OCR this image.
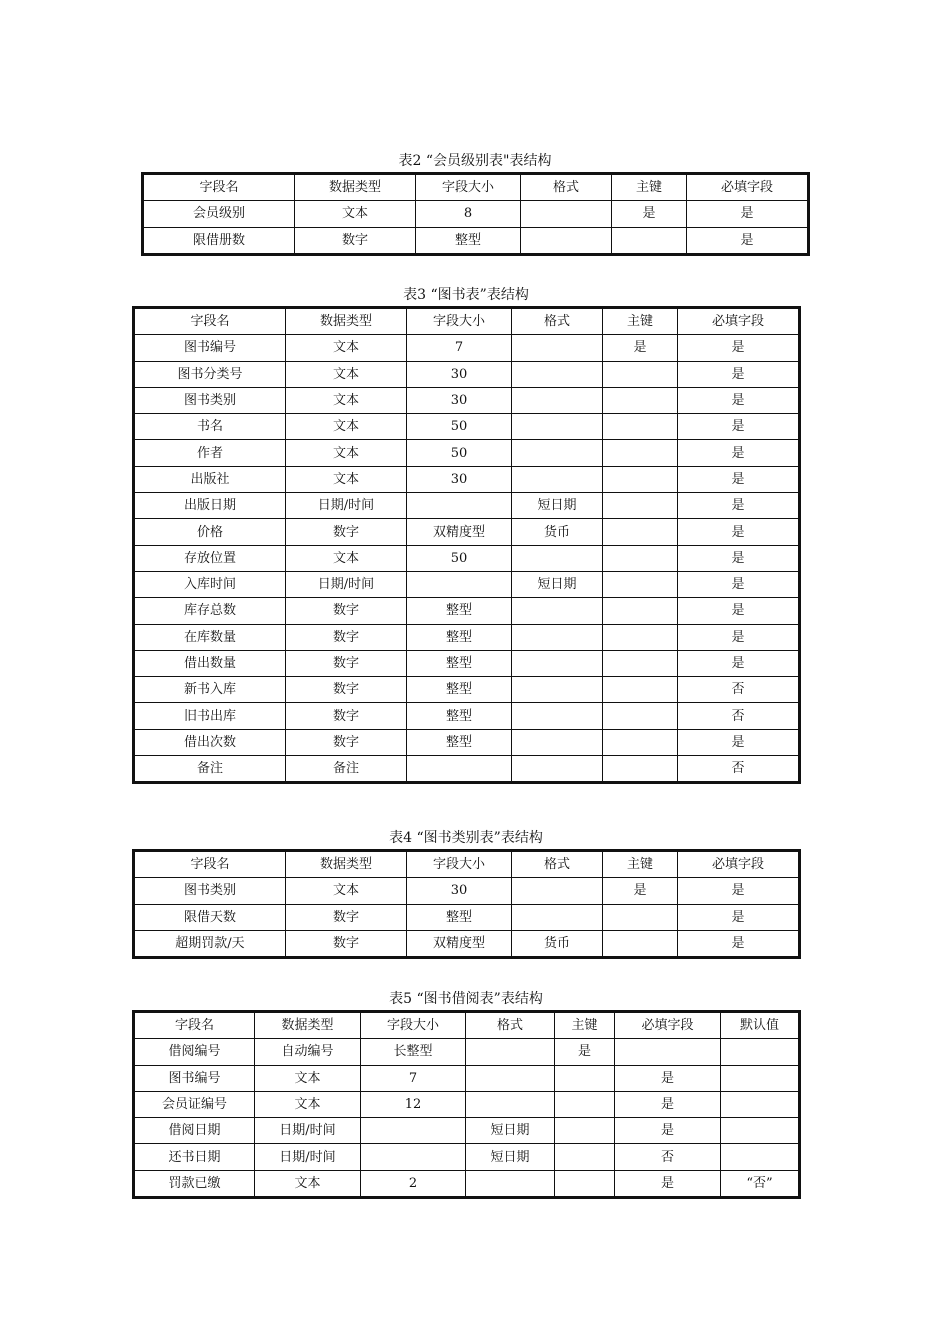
表2 “会员级别表"表结构
字段名	数据类型	字段大小	格式	主键	必填字段
会员级别	文本	8		是	是
限借册数	数字	整型			是
表3 “图书表”表结构
字段名	数据类型	字段大小	格式	主键	必填字段
图书编号	文本	7		是	是
图书分类号	文本	30			是
图书类别	文本	30			是
书名	文本	50			是
作者	文本	50			是
出版社	文本	30			是
出版日期	日期/时间		短日期		是
价格	数字	双精度型	货币		是
存放位置	文本	50			是
入库时间	日期/时间		短日期		是
库存总数	数字	整型			是
在库数量	数字	整型			是
借出数量	数字	整型			是
新书入库	数字	整型			否
旧书出库	数字	整型			否
借出次数	数字	整型			是
备注	备注				否
表4 “图书类别表”表结构
字段名	数据类型	字段大小	格式	主键	必填字段
图书类别	文本	30		是	是
限借天数	数字	整型			是
超期罚款/天	数字	双精度型	货币		是
表5 “图书借阅表”表结构
字段名	数据类型	字段大小	格式	主键	必填字段	默认值
借阅编号	自动编号	长整型		是		
图书编号	文本	7			是	
会员证编号	文本	12			是	
借阅日期	日期/时间		短日期		是	
还书日期	日期/时间		短日期		否	
罚款已缴	文本	2			是	“否”
